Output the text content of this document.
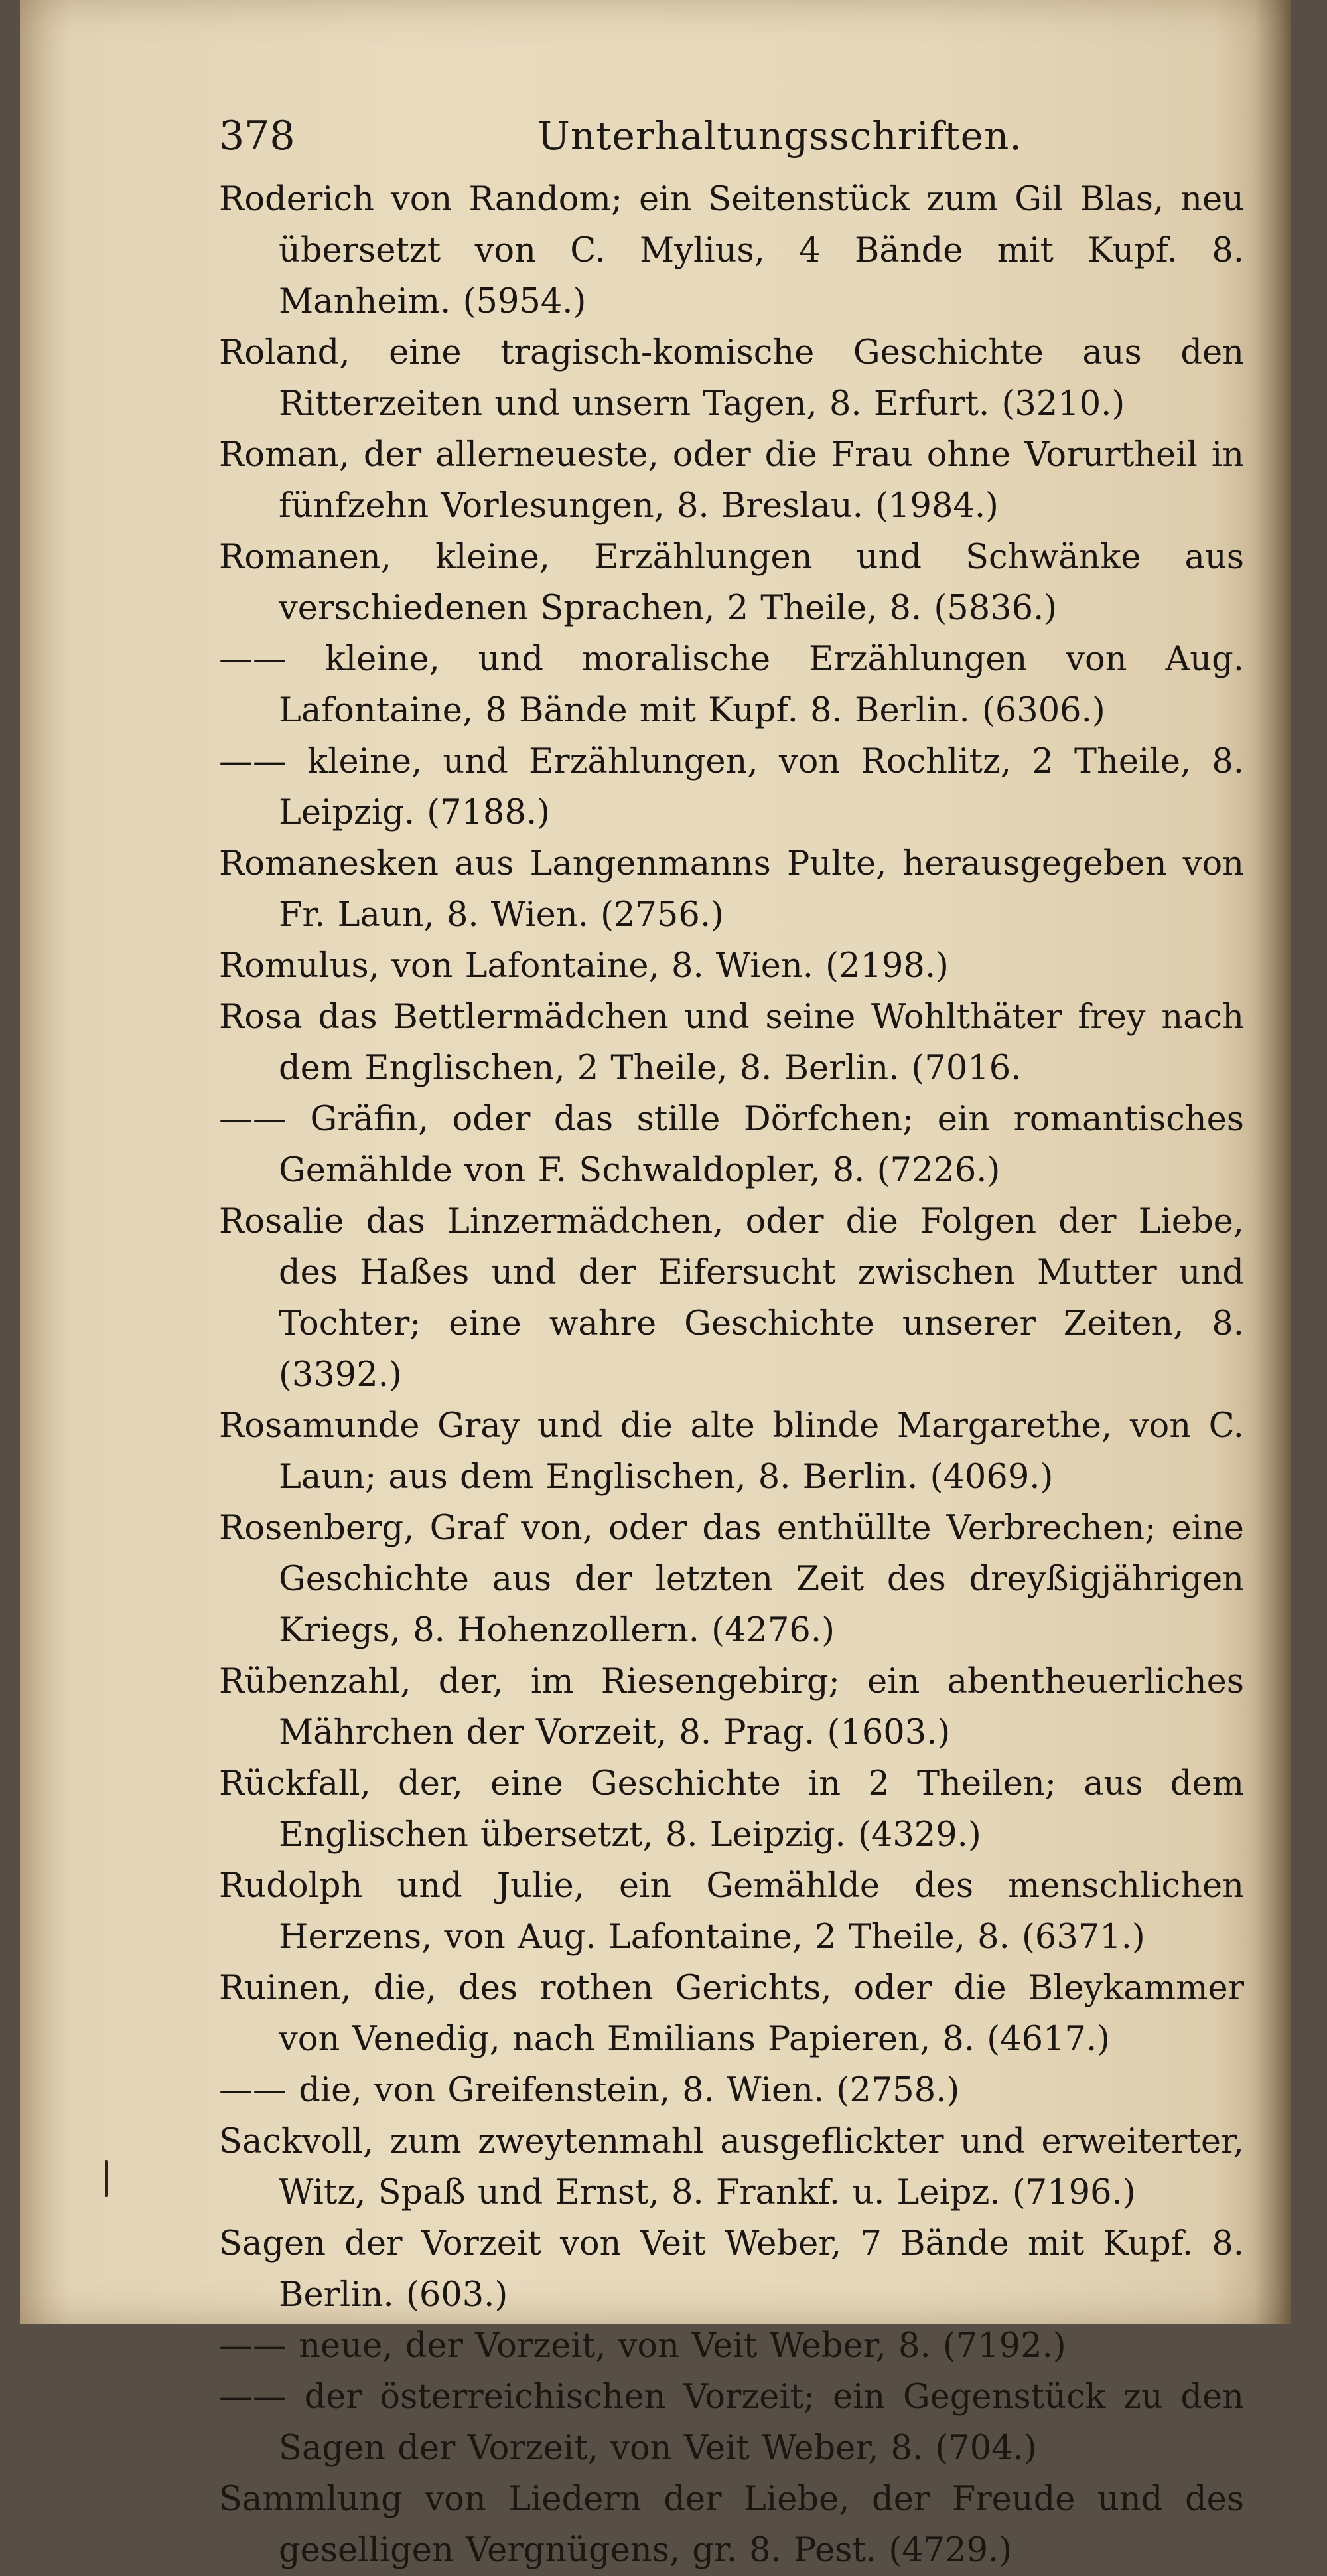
378	Unterhaltungsschriften.
Roderich von Random; ein Seitenstück zum Gil Blas, neu übersetzt von C. Mylius, 4 Bände mit Kupf. 8. Manheim. (5954.)
Roland, eine tragisch-komische Geschichte aus den Ritterzeiten und unsern Tagen, 8. Erfurt. (3210.)
Roman, der allerneueste, oder die Frau ohne Vorurtheil in fünfzehn Vorlesungen, 8. Breslau. (1984.)
Romanen, kleine, Erzählungen und Schwänke aus verschiedenen Sprachen, 2 Theile, 8. (5836.)
—— kleine, und moralische Erzählungen von Aug. Lafontaine, 8 Bände mit Kupf. 8. Berlin. (6306.)
—— kleine, und Erzählungen, von Rochlitz, 2 Theile, 8. Leipzig. (7188.)
Romanesken aus Langenmanns Pulte, herausgegeben von Fr. Laun, 8. Wien. (2756.)
Romulus, von Lafontaine, 8. Wien. (2198.)
Rosa das Bettlermädchen und seine Wohlthäter frey nach dem Englischen, 2 Theile, 8. Berlin. (7016.
—— Gräfin, oder das stille Dörfchen; ein romantisches Gemählde von F. Schwaldopler, 8. (7226.)
Rosalie das Linzermädchen, oder die Folgen der Liebe, des Haßes und der Eifersucht zwischen Mutter und Tochter; eine wahre Geschichte unserer Zeiten, 8. (3392.)
Rosamunde Gray und die alte blinde Margarethe, von C. Laun; aus dem Englischen, 8. Berlin. (4069.)
Rosenberg, Graf von, oder das enthüllte Verbrechen; eine Geschichte aus der letzten Zeit des dreyßigjährigen Kriegs, 8. Hohenzollern. (4276.)
Rübenzahl, der, im Riesengebirg; ein abentheuerliches Mährchen der Vorzeit, 8. Prag. (1603.)
Rückfall, der, eine Geschichte in 2 Theilen; aus dem Englischen übersetzt, 8. Leipzig. (4329.)
Rudolph und Julie, ein Gemählde des menschlichen Herzens, von Aug. Lafontaine, 2 Theile, 8. (6371.)
Ruinen, die, des rothen Gerichts, oder die Bleykammer von Venedig, nach Emilians Papieren, 8. (4617.)
—— die, von Greifenstein, 8. Wien. (2758.)
Sackvoll, zum zweytenmahl ausgeflickter und erweiterter, Witz, Spaß und Ernst, 8. Frankf. u. Leipz. (7196.)
Sagen der Vorzeit von Veit Weber, 7 Bände mit Kupf. 8. Berlin. (603.)
—— neue, der Vorzeit, von Veit Weber, 8. (7192.)
—— der österreichischen Vorzeit; ein Gegenstück zu den Sagen der Vorzeit, von Veit Weber, 8. (704.)
Sammlung von Liedern der Liebe, der Freude und des geselligen Vergnügens, gr. 8. Pest. (4729.)
